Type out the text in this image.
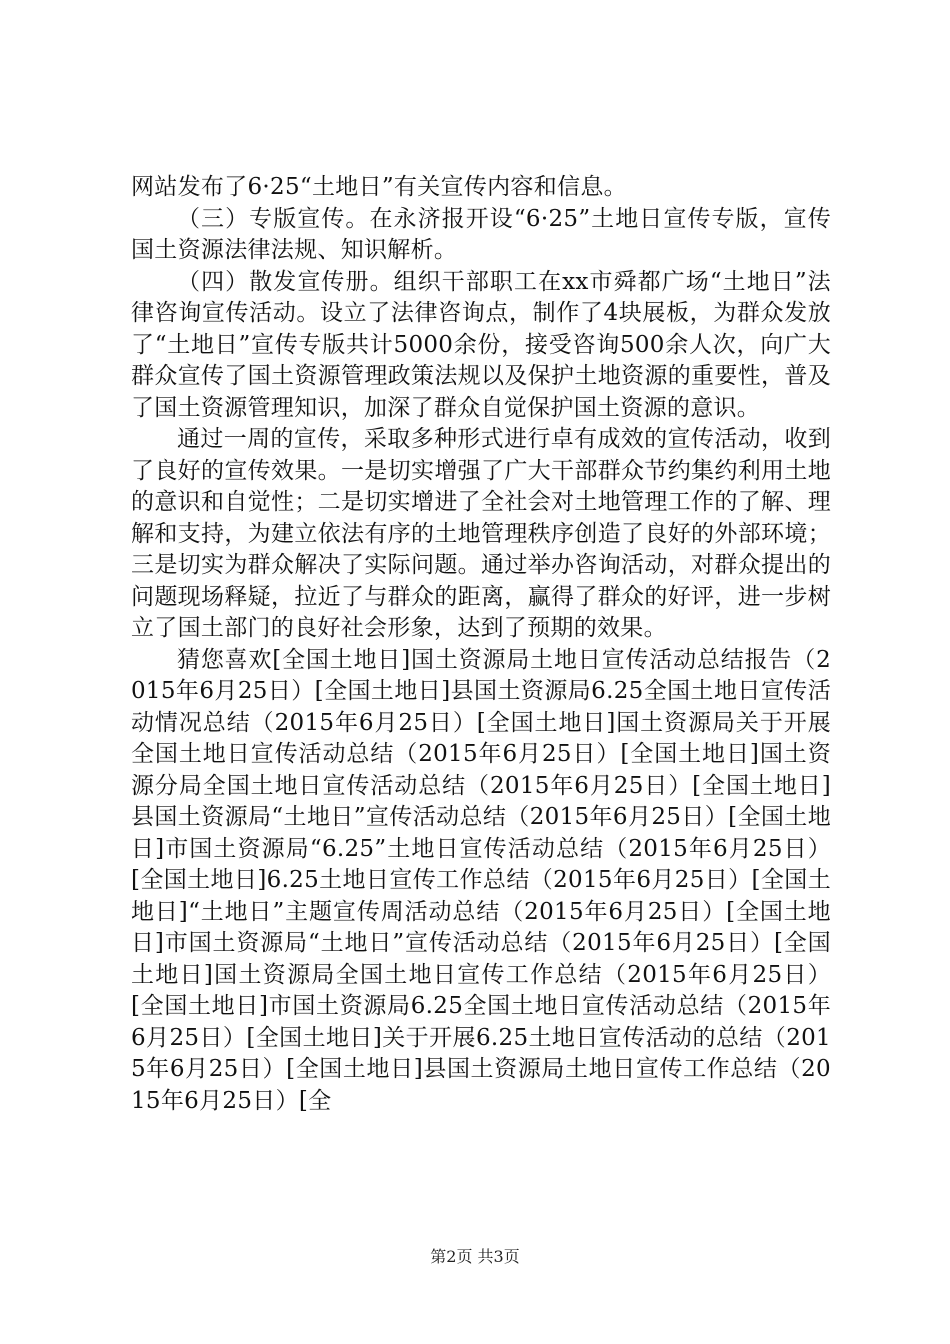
网站发布了6·25“土地日”有关宣传内容和信息。

（三）专版宣传。在永济报开设“6·25”土地日宣传专版，宣传国土资源法律法规、知识解析。

（四）散发宣传册。组织干部职工在xx市舜都广场“土地日”法律咨询宣传活动。设立了法律咨询点，制作了4块展板，为群众发放了“土地日”宣传专版共计5000余份，接受咨询500余人次，向广大群众宣传了国土资源管理政策法规以及保护土地资源的重要性，普及了国土资源管理知识，加深了群众自觉保护国土资源的意识。

通过一周的宣传，采取多种形式进行卓有成效的宣传活动，收到了良好的宣传效果。一是切实增强了广大干部群众节约集约利用土地的意识和自觉性；二是切实增进了全社会对土地管理工作的了解、理解和支持，为建立依法有序的土地管理秩序创造了良好的外部环境；三是切实为群众解决了实际问题。通过举办咨询活动，对群众提出的问题现场释疑，拉近了与群众的距离，赢得了群众的好评，进一步树立了国土部门的良好社会形象，达到了预期的效果。

猜您喜欢[全国土地日]国土资源局土地日宣传活动总结报告（2015年6月25日）[全国土地日]县国土资源局6.25全国土地日宣传活动情况总结（2015年6月25日）[全国土地日]国土资源局关于开展全国土地日宣传活动总结（2015年6月25日）[全国土地日]国土资源分局全国土地日宣传活动总结（2015年6月25日）[全国土地日]县国土资源局“土地日”宣传活动总结（2015年6月25日）[全国土地日]市国土资源局“6.25”土地日宣传活动总结（2015年6月25日）[全国土地日]6.25土地日宣传工作总结（2015年6月25日）[全国土地日]“土地日”主题宣传周活动总结（2015年6月25日）[全国土地日]市国土资源局“土地日”宣传活动总结（2015年6月25日）[全国土地日]国土资源局全国土地日宣传工作总结（2015年6月25日）[全国土地日]市国土资源局6.25全国土地日宣传活动总结（2015年6月25日）[全国土地日]关于开展6.25土地日宣传活动的总结（2015年6月25日）[全国土地日]县国土资源局土地日宣传工作总结（2015年6月25日）[全

第2页 共3页
